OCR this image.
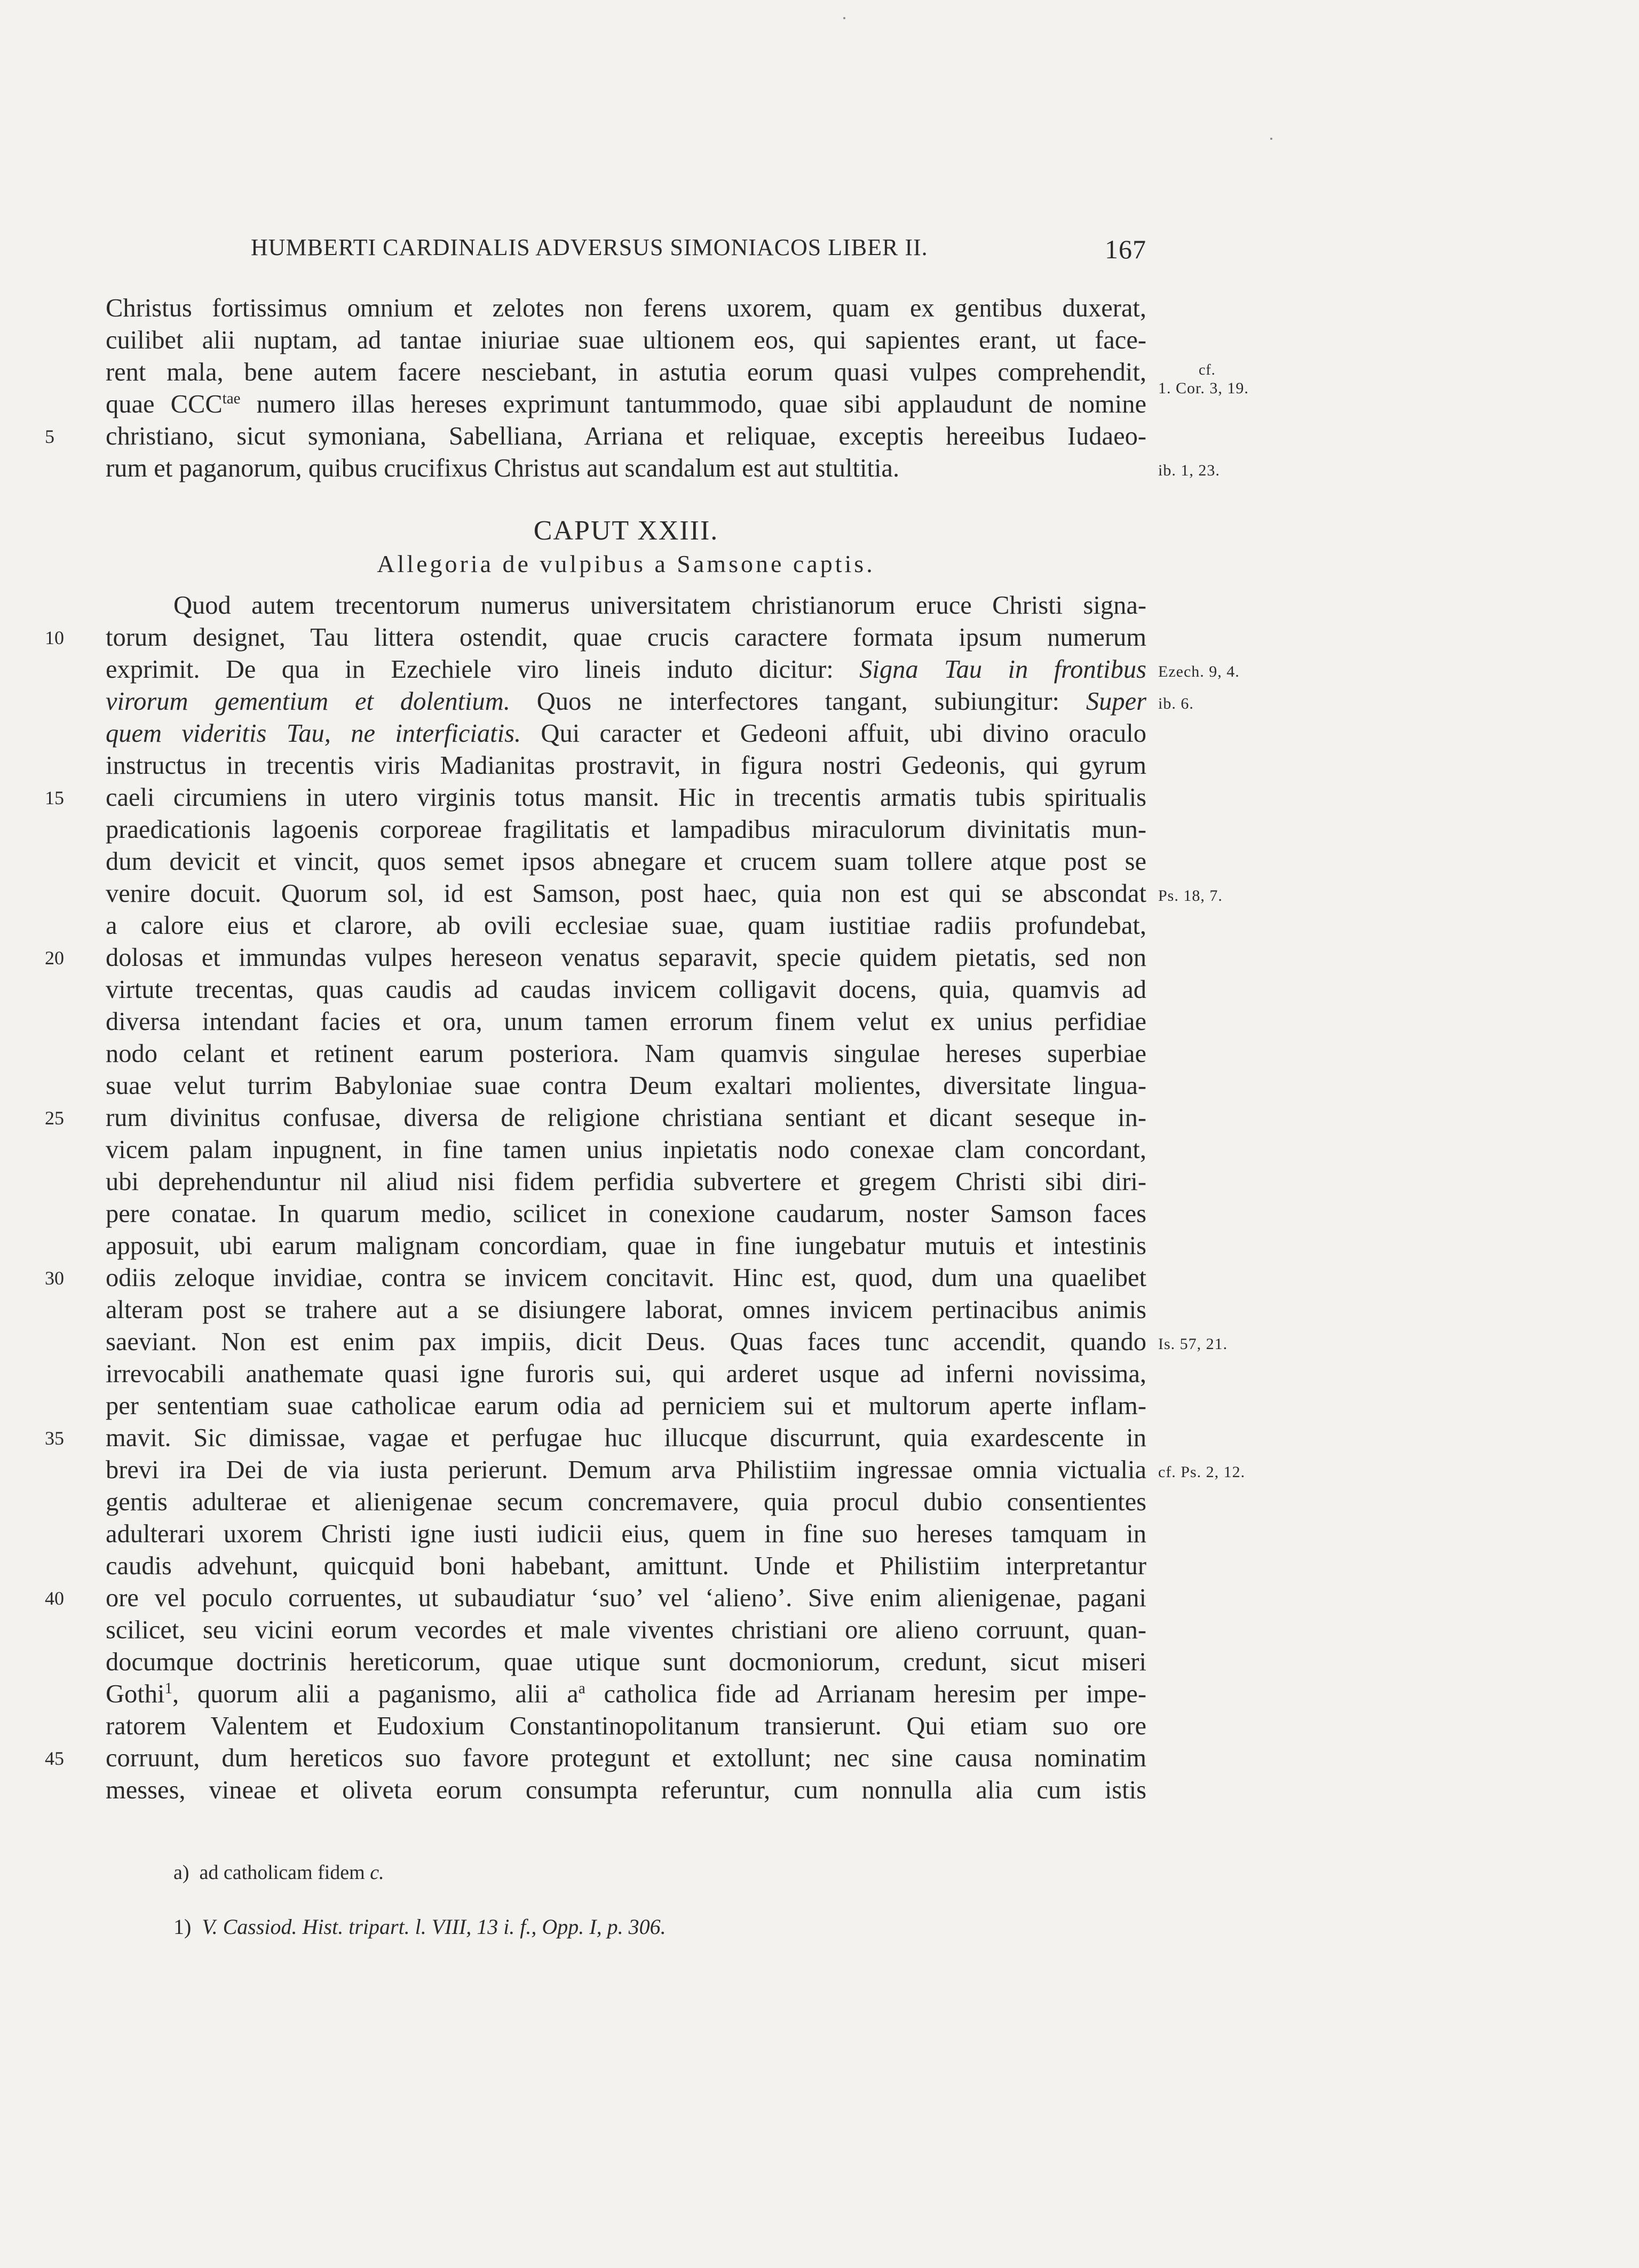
HUMBERTI CARDINALIS ADVERSUS SIMONIACOS LIBER II.	167
Christus fortissimus omnium et zelotes non ferens uxorem, quam ex gentibus duxerat,
cuilibet alii nuptam, ad tantae iniuriae suae ultionem eos, qui sapientes erant, ut face-
rent mala, bene autem facere nesciebant, in astutia eorum quasi vulpes comprehendit,
quae $CCC^{tae}$ numero illas hereses exprimunt tantummodo, quae sibi applaudunt de nomine
christiano, sicut symoniana, Sabelliana, Arriana et reliquae, exceptis hereeibus Iudaeo-
rum et paganorum, quibus crucifixus Christus aut scandalum est aut stultitia.
5
cf.
1. Cor. 3, 19.
ib. 1, 23.
CAPUT XXIII.
Allegoria de vulpibus a Samsone captis.
Quod autem trecentorum numerus universitatem christianorum eruce Christi signa-
torum designet, Tau littera ostendit, quae crucis caractere formata ipsum numerum
exprimit. De qua in Ezechiele viro lineis induto dicitur: Signa Tau in frontibus
virorum gementium et dolentium. Quos ne interfectores tangant, subiungitur: Super
quem videritis Tau, ne interficiatis. Qui caracter et Gedeoni affuit, ubi divino oraculo
instructus in trecentis viris Madianitas prostravit, in figura nostri Gedeonis, qui gyrum
caeli circumiens in utero virginis totus mansit. Hic in trecentis armatis tubis spiritualis
praedicationis lagoenis corporeae fragilitatis et lampadibus miraculorum divinitatis mun-
dum devicit et vincit, quos semet ipsos abnegare et crucem suam tollere atque post se
venire docuit. Quorum sol, id est Samson, post haec, quia non est qui se abscondat
a calore eius et clarore, ab ovili ecclesiae suae, quam iustitiae radiis profundebat,
dolosas et immundas vulpes hereseon venatus separavit, specie quidem pietatis, sed non
virtute trecentas, quas caudis ad caudas invicem colligavit docens, quia, quamvis ad
diversa intendant facies et ora, unum tamen errorum finem velut ex unius perfidiae
nodo celant et retinent earum posteriora. Nam quamvis singulae hereses superbiae
suae velut turrim Babyloniae suae contra Deum exaltari molientes, diversitate lingua-
rum divinitus confusae, diversa de religione christiana sentiant et dicant seseque in-
vicem palam inpugnent, in fine tamen unius inpietatis nodo conexae clam concordant,
ubi deprehenduntur nil aliud nisi fidem perfidia subvertere et gregem Christi sibi diri-
pere conatae. In quarum medio, scilicet in conexione caudarum, noster Samson faces
apposuit, ubi earum malignam concordiam, quae in fine iungebatur mutuis et intestinis
odiis zeloque invidiae, contra se invicem concitavit. Hinc est, quod, dum una quaelibet
alteram post se trahere aut a se disiungere laborat, omnes invicem pertinacibus animis
saeviant. Non est enim pax impiis, dicit Deus. Quas faces tunc accendit, quando
irrevocabili anathemate quasi igne furoris sui, qui arderet usque ad inferni novissima,
per sententiam suae catholicae earum odia ad perniciem sui et multorum aperte inflam-
mavit. Sic dimissae, vagae et perfugae huc illucque discurrunt, quia exardescente in
brevi ira Dei de via iusta perierunt. Demum arva Philistiim ingressae omnia victualia
gentis adulterae et alienigenae secum concremavere, quia procul dubio consentientes
adulterari uxorem Christi igne iusti iudicii eius, quem in fine suo hereses tamquam in
caudis advehunt, quicquid boni habebant, amittunt. Unde et Philistiim interpretantur
ore vel poculo corruentes, ut subaudiatur ‘suo’ vel ‘alieno’. Sive enim alienigenae, pagani
scilicet, seu vicini eorum vecordes et male viventes christiani ore alieno corruunt, quan-
documque doctrinis hereticorum, quae utique sunt docmoniorum, credunt, sicut miseri
Gothi$^1$, quorum alii a paganismo, alii $a^a$ catholica fide ad Arrianam heresim per impe-
ratorem Valentem et Eudoxium Constantinopolitanum transierunt. Qui etiam suo ore
corruunt, dum hereticos suo favore protegunt et extollunt; nec sine causa nominatim
messes, vineae et oliveta eorum consumpta referuntur, cum nonnulla alia cum istis
10
15
20
25
30
35
40
45
Ezech. 9, 4.
ib. 6.
Ps. 18, 7.
Is. 57, 21.
cf. Ps. 2, 12.
a) ad catholicam fidem c.
1) V. Cassiod. Hist. tripart. l. VIII, 13 i. f., Opp. I, p. 306.
